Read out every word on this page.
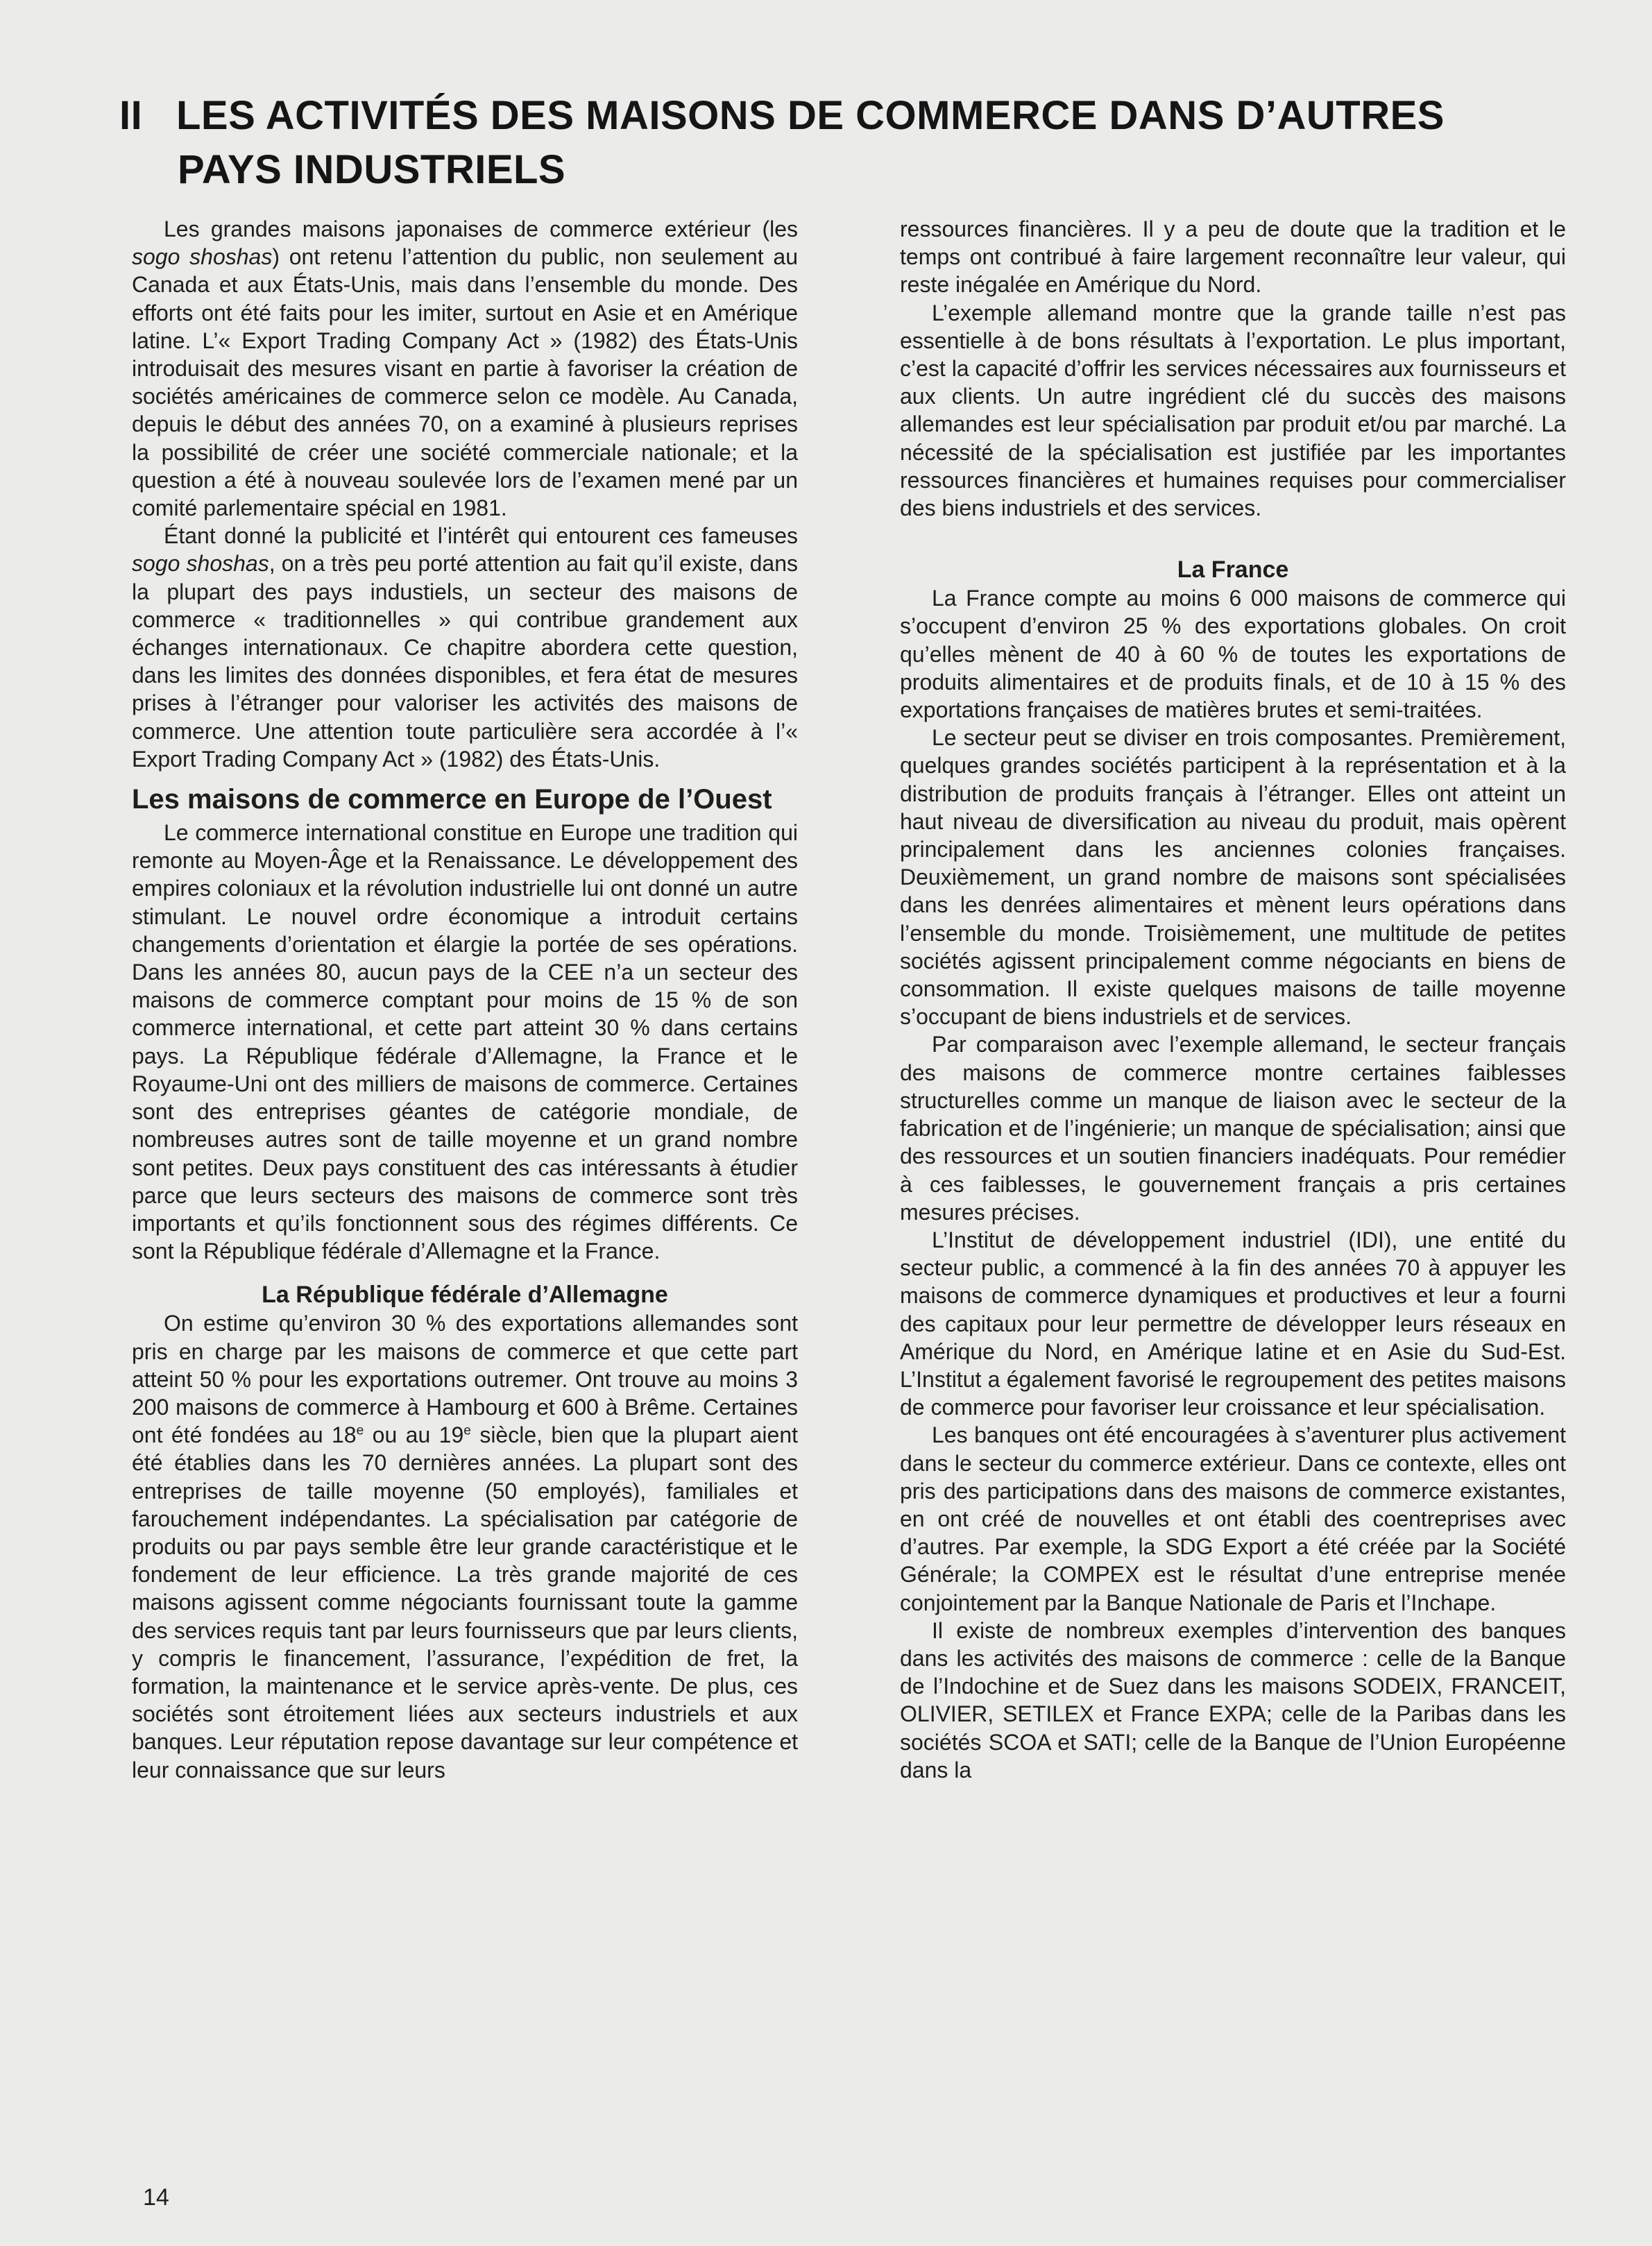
II LES ACTIVITÉS DES MAISONS DE COMMERCE DANS D’AUTRES
PAYS INDUSTRIELS

Les grandes maisons japonaises de commerce extérieur (les sogo shoshas) ont retenu l’attention du public, non seulement au Canada et aux États-Unis, mais dans l’ensemble du monde. Des efforts ont été faits pour les imiter, surtout en Asie et en Amérique latine. L’« Export Trading Company Act » (1982) des États-Unis introduisait des mesures visant en partie à favoriser la création de sociétés américaines de commerce selon ce modèle. Au Canada, depuis le début des années 70, on a examiné à plusieurs reprises la possibilité de créer une société commerciale nationale; et la question a été à nouveau soulevée lors de l’examen mené par un comité parlementaire spécial en 1981.

Étant donné la publicité et l’intérêt qui entourent ces fameuses sogo shoshas, on a très peu porté attention au fait qu’il existe, dans la plupart des pays industiels, un secteur des maisons de commerce « traditionnelles » qui contribue grandement aux échanges internationaux. Ce chapitre abordera cette question, dans les limites des données disponibles, et fera état de mesures prises à l’étranger pour valoriser les activités des maisons de commerce. Une attention toute particulière sera accordée à l’« Export Trading Company Act » (1982) des États-Unis.

Les maisons de commerce en Europe de l’Ouest

Le commerce international constitue en Europe une tradition qui remonte au Moyen-Âge et la Renaissance. Le développement des empires coloniaux et la révolution industrielle lui ont donné un autre stimulant. Le nouvel ordre économique a introduit certains changements d’orientation et élargie la portée de ses opérations. Dans les années 80, aucun pays de la CEE n’a un secteur des maisons de commerce comptant pour moins de 15 % de son commerce international, et cette part atteint 30 % dans certains pays. La République fédérale d’Allemagne, la France et le Royaume-Uni ont des milliers de maisons de commerce. Certaines sont des entreprises géantes de catégorie mondiale, de nombreuses autres sont de taille moyenne et un grand nombre sont petites. Deux pays constituent des cas intéressants à étudier parce que leurs secteurs des maisons de commerce sont très importants et qu’ils fonctionnent sous des régimes différents. Ce sont la République fédérale d’Allemagne et la France.

La République fédérale d’Allemagne

On estime qu’environ 30 % des exportations allemandes sont pris en charge par les maisons de commerce et que cette part atteint 50 % pour les exportations outremer. Ont trouve au moins 3 200 maisons de commerce à Hambourg et 600 à Brême. Certaines ont été fondées au 18e ou au 19e siècle, bien que la plupart aient été établies dans les 70 dernières années. La plupart sont des entreprises de taille moyenne (50 employés), familiales et farouchement indépendantes. La spécialisation par catégorie de produits ou par pays semble être leur grande caractéristique et le fondement de leur efficience. La très grande majorité de ces maisons agissent comme négociants fournissant toute la gamme des services requis tant par leurs fournisseurs que par leurs clients, y compris le financement, l’assurance, l’expédition de fret, la formation, la maintenance et le service après-vente. De plus, ces sociétés sont étroitement liées aux secteurs industriels et aux banques. Leur réputation repose davantage sur leur compétence et leur connaissance que sur leurs

ressources financières. Il y a peu de doute que la tradition et le temps ont contribué à faire largement reconnaître leur valeur, qui reste inégalée en Amérique du Nord.

L’exemple allemand montre que la grande taille n’est pas essentielle à de bons résultats à l’exportation. Le plus important, c’est la capacité d’offrir les services nécessaires aux fournisseurs et aux clients. Un autre ingrédient clé du succès des maisons allemandes est leur spécialisation par produit et/ou par marché. La nécessité de la spécialisation est justifiée par les importantes ressources financières et humaines requises pour commercialiser des biens industriels et des services.

La France

La France compte au moins 6 000 maisons de commerce qui s’occupent d’environ 25 % des exportations globales. On croit qu’elles mènent de 40 à 60 % de toutes les exportations de produits alimentaires et de produits finals, et de 10 à 15 % des exportations françaises de matières brutes et semi-traitées.

Le secteur peut se diviser en trois composantes. Premièrement, quelques grandes sociétés participent à la représentation et à la distribution de produits français à l’étranger. Elles ont atteint un haut niveau de diversification au niveau du produit, mais opèrent principalement dans les anciennes colonies françaises. Deuxièmement, un grand nombre de maisons sont spécialisées dans les denrées alimentaires et mènent leurs opérations dans l’ensemble du monde. Troisièmement, une multitude de petites sociétés agissent principalement comme négociants en biens de consommation. Il existe quelques maisons de taille moyenne s’occupant de biens industriels et de services.

Par comparaison avec l’exemple allemand, le secteur français des maisons de commerce montre certaines faiblesses structurelles comme un manque de liaison avec le secteur de la fabrication et de l’ingénierie; un manque de spécialisation; ainsi que des ressources et un soutien financiers inadéquats. Pour remédier à ces faiblesses, le gouvernement français a pris certaines mesures précises.

L’Institut de développement industriel (IDI), une entité du secteur public, a commencé à la fin des années 70 à appuyer les maisons de commerce dynamiques et productives et leur a fourni des capitaux pour leur permettre de développer leurs réseaux en Amérique du Nord, en Amérique latine et en Asie du Sud-Est. L’Institut a également favorisé le regroupement des petites maisons de commerce pour favoriser leur croissance et leur spécialisation.

Les banques ont été encouragées à s’aventurer plus activement dans le secteur du commerce extérieur. Dans ce contexte, elles ont pris des participations dans des maisons de commerce existantes, en ont créé de nouvelles et ont établi des coentreprises avec d’autres. Par exemple, la SDG Export a été créée par la Société Générale; la COMPEX est le résultat d’une entreprise menée conjointement par la Banque Nationale de Paris et l’Inchape.

Il existe de nombreux exemples d’intervention des banques dans les activités des maisons de commerce : celle de la Banque de l’Indochine et de Suez dans les maisons SODEIX, FRANCEIT, OLIVIER, SETILEX et France EXPA; celle de la Paribas dans les sociétés SCOA et SATI; celle de la Banque de l’Union Européenne dans la

14
